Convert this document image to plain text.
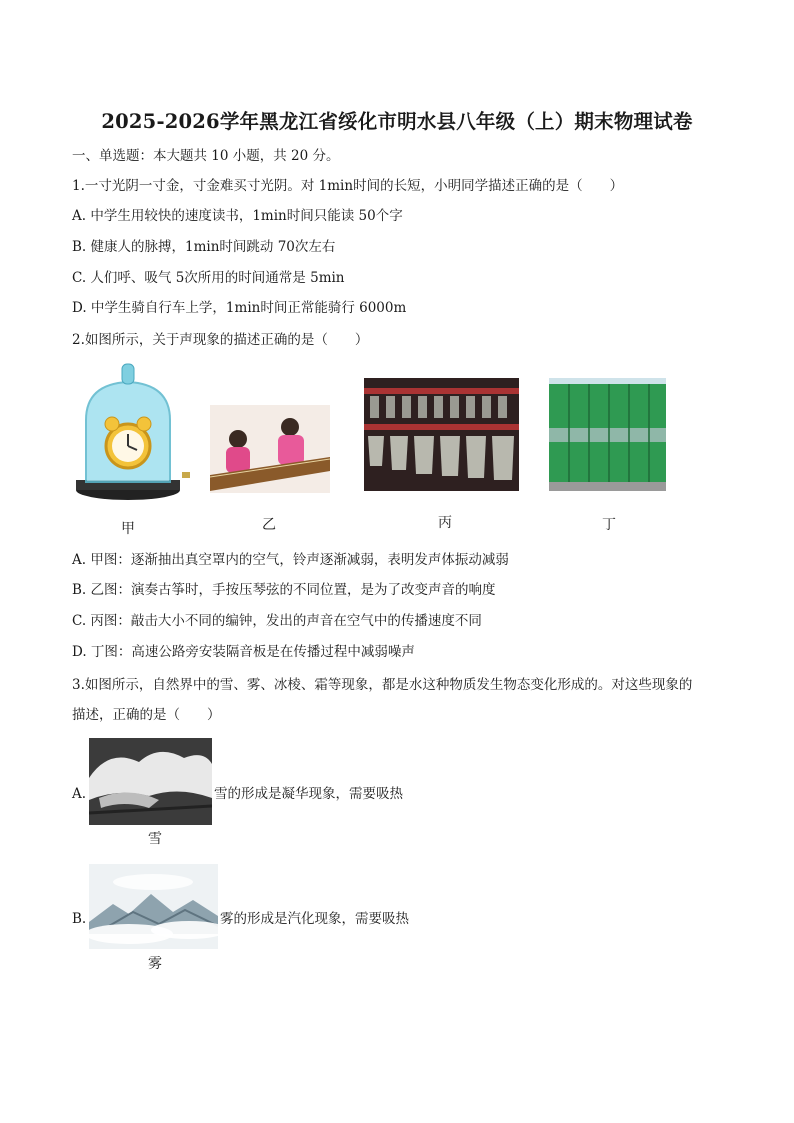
2025-2026学年黑龙江省绥化市明水县八年级（上）期末物理试卷
一、单选题：本大题共 10 小题，共 20 分。
1.一寸光阴一寸金，寸金难买寸光阴。对 1min时间的长短，小明同学描述正确的是（　　）
A. 中学生用较快的速度读书，1min时间只能读 50个字
B. 健康人的脉搏，1min时间跳动 70次左右
C. 人们呼、吸气 5次所用的时间通常是 5min
D. 中学生骑自行车上学，1min时间正常能骑行 6000m
2.如图所示，关于声现象的描述正确的是（　　）
甲	乙	丙	丁
A. 甲图：逐渐抽出真空罩内的空气，铃声逐渐减弱，表明发声体振动减弱
B. 乙图：演奏古筝时，手按压琴弦的不同位置，是为了改变声音的响度
C. 丙图：敲击大小不同的编钟，发出的声音在空气中的传播速度不同
D. 丁图：高速公路旁安装隔音板是在传播过程中减弱噪声
3.如图所示，自然界中的雪、雾、冰棱、霜等现象，都是水这种物质发生物态变化形成的。对这些现象的
描述，正确的是（　　）
A.	雪的形成是凝华现象，需要吸热
雪
B.	雾的形成是汽化现象，需要吸热
雾
